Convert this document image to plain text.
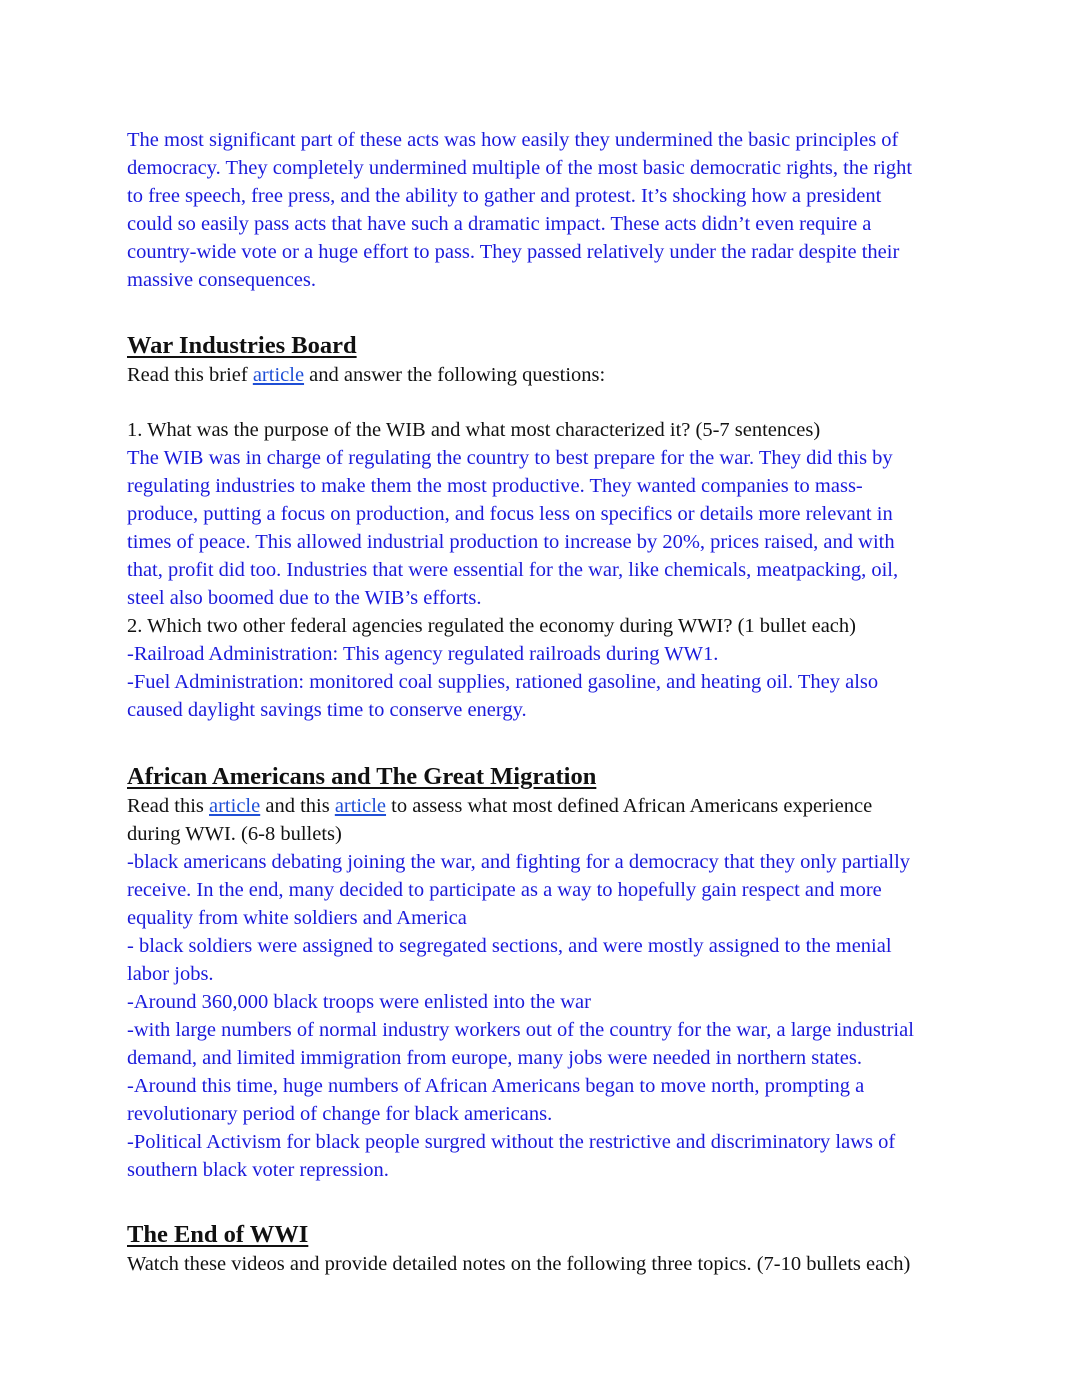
The most significant part of these acts was how easily they undermined the basic principles of
democracy. They completely undermined multiple of the most basic democratic rights, the right
to free speech, free press, and the ability to gather and protest. It’s shocking how a president
could so easily pass acts that have such a dramatic impact. These acts didn’t even require a
country-wide vote or a huge effort to pass. They passed relatively under the radar despite their
massive consequences.

War Industries Board

Read this brief article and answer the following questions:

1. What was the purpose of the WIB and what most characterized it? (5-7 sentences)

The WIB was in charge of regulating the country to best prepare for the war. They did this by
regulating industries to make them the most productive. They wanted companies to mass-
produce, putting a focus on production, and focus less on specifics or details more relevant in
times of peace. This allowed industrial production to increase by 20%, prices raised, and with
that, profit did too. Industries that were essential for the war, like chemicals, meatpacking, oil,
steel also boomed due to the WIB’s efforts.

2. Which two other federal agencies regulated the economy during WWI? (1 bullet each)

-Railroad Administration: This agency regulated railroads during WW1.

-Fuel Administration: monitored coal supplies, rationed gasoline, and heating oil. They also
caused daylight savings time to conserve energy.

African Americans and The Great Migration

Read this article and this article to assess what most defined African Americans experience
during WWI. (6-8 bullets)

-black americans debating joining the war, and fighting for a democracy that they only partially
receive. In the end, many decided to participate as a way to hopefully gain respect and more
equality from white soldiers and America

- black soldiers were assigned to segregated sections, and were mostly assigned to the menial
labor jobs.

-Around 360,000 black troops were enlisted into the war

-with large numbers of normal industry workers out of the country for the war, a large industrial
demand, and limited immigration from europe, many jobs were needed in northern states.

-Around this time, huge numbers of African Americans began to move north, prompting a
revolutionary period of change for black americans.

-Political Activism for black people surgred without the restrictive and discriminatory laws of
southern black voter repression.

The End of WWI

Watch these videos and provide detailed notes on the following three topics. (7-10 bullets each)
